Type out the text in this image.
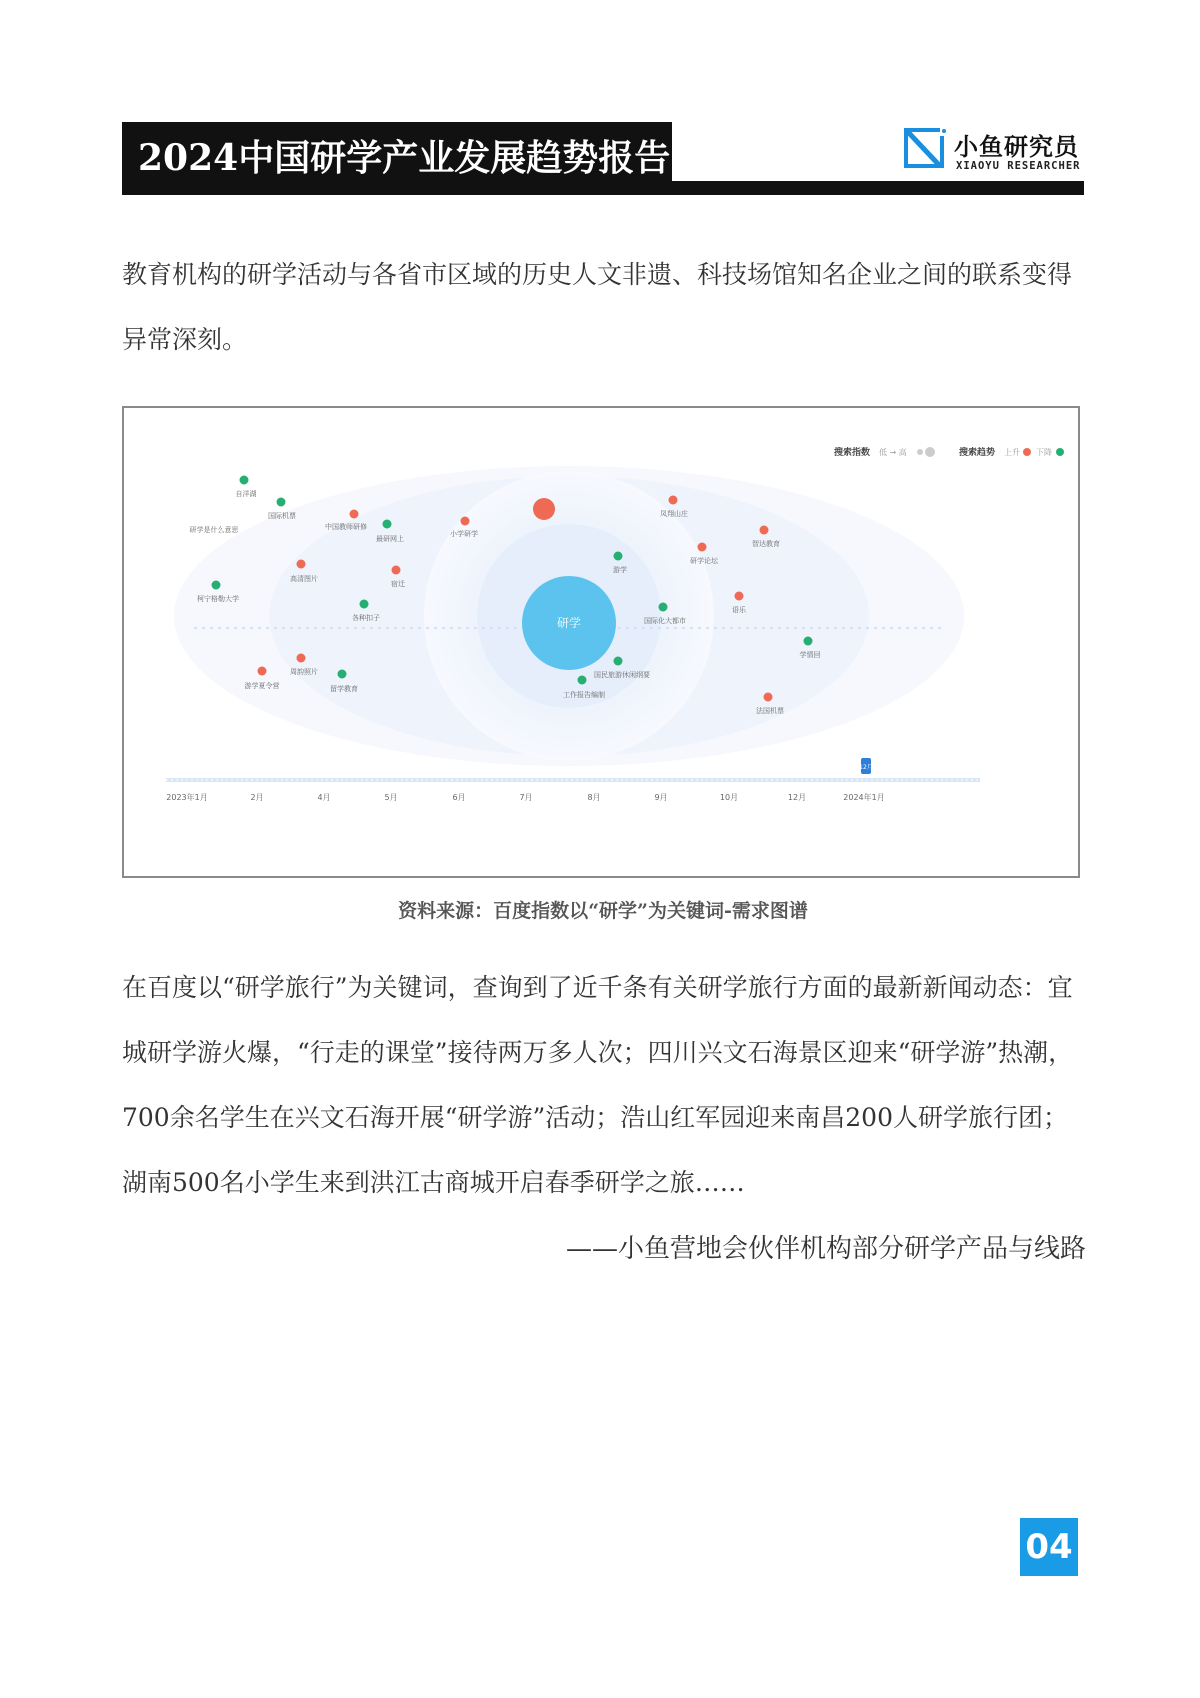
2024中国研学产业发展趋势报告	小鱼研究员
XIAOYU RESEARCHER

教育机构的研学活动与各省市区域的历史人文非遗、科技场馆知名企业之间的联系变得异常深刻。

搜索指数 低 → 高	搜索趋势 上升 下降
研学是什么意思	小学研学
中国教师研修
最研网上
自洋湖
国际机票
高清图片
宿迁
柯宁格勒大学
各种扣子
周韵照片
游学夏令营	留学教育
凤翔山庄
智达教育
研学论坛
游学
语乐
国际化大都市
学情回
国民旅游休闲纲要
工作报告编制
法国机票
研学
2023年1月	2月	4月	5月	6月	7月	8月	9月	10月	12月	2024年1月
12月
资料来源：百度指数以“研学”为关键词-需求图谱

在百度以“研学旅行”为关键词，查询到了近千条有关研学旅行方面的最新新闻动态：宜城研学游火爆，“行走的课堂”接待两万多人次；四川兴文石海景区迎来“研学游”热潮，700余名学生在兴文石海开展“研学游”活动；浩山红军园迎来南昌200人研学旅行团；湖南500名小学生来到洪江古商城开启春季研学之旅……

——小鱼营地会伙伴机构部分研学产品与线路
04
